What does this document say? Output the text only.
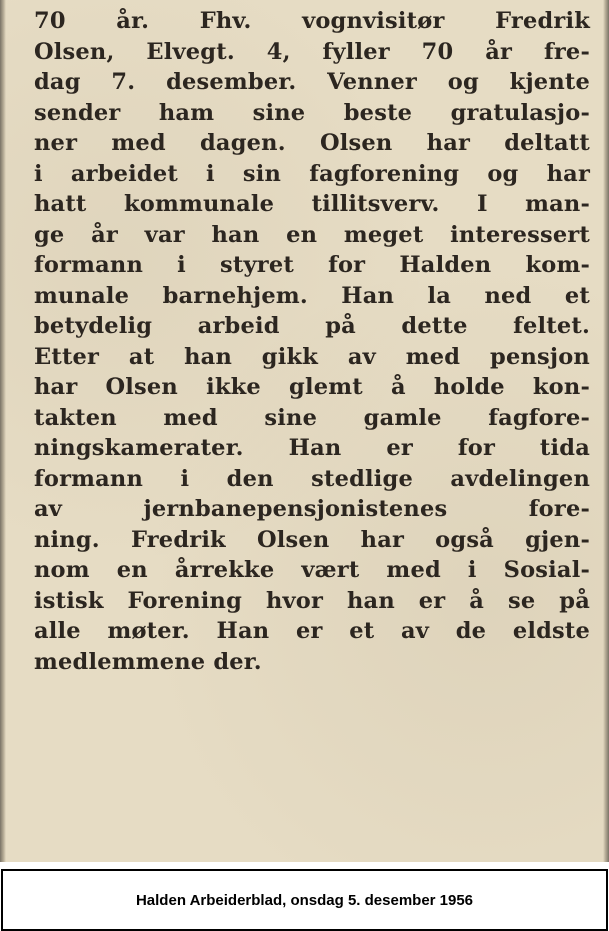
70 år. Fhv. vognvisitør Fredrik
Olsen, Elvegt. 4, fyller 70 år fre-
dag 7. desember. Venner og kjente
sender ham sine beste gratulasjo-
ner med dagen. Olsen har deltatt
i arbeidet i sin fagforening og har
hatt kommunale tillitsverv. I man-
ge år var han en meget interessert
formann i styret for Halden kom-
munale barnehjem. Han la ned et
betydelig arbeid på dette feltet.
Etter at han gikk av med pensjon
har Olsen ikke glemt å holde kon-
takten med sine gamle fagfore-
ningskamerater. Han er for tida
formann i den stedlige avdelingen
av jernbanepensjonistenes fore-
ning. Fredrik Olsen har også gjen-
nom en årrekke vært med i Sosial-
istisk Forening hvor han er å se på
alle møter. Han er et av de eldste
medlemmene der.
Halden Arbeiderblad, onsdag 5. desember 1956
